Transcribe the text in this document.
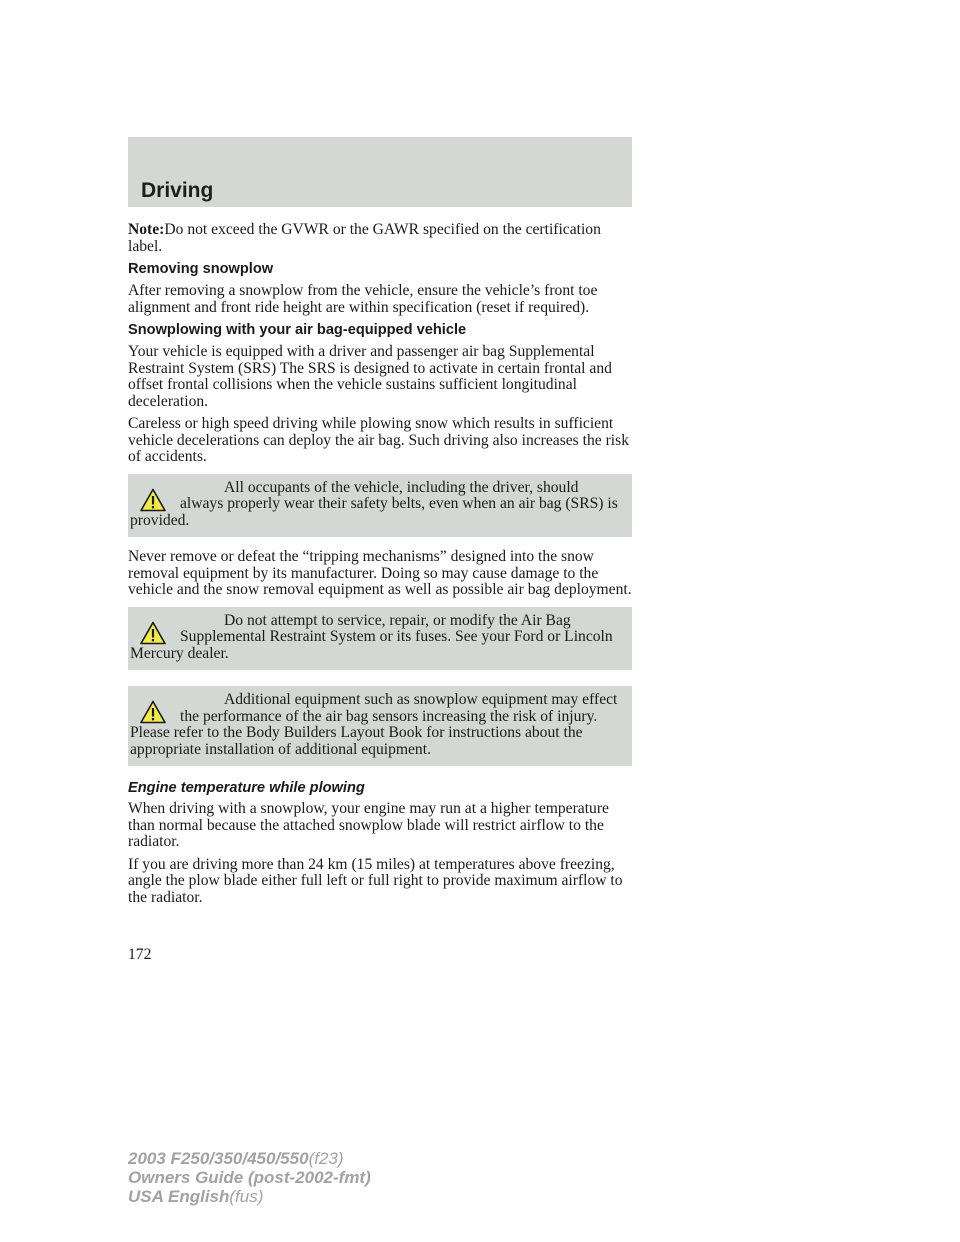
Driving

Note:Do not exceed the GVWR or the GAWR specified on the certification label.

Removing snowplow

After removing a snowplow from the vehicle, ensure the vehicle’s front toe alignment and front ride height are within specification (reset if required).

Snowplowing with your air bag-equipped vehicle

Your vehicle is equipped with a driver and passenger air bag Supplemental Restraint System (SRS) The SRS is designed to activate in certain frontal and offset frontal collisions when the vehicle sustains sufficient longitudinal deceleration.

Careless or high speed driving while plowing snow which results in sufficient vehicle decelerations can deploy the air bag. Such driving also increases the risk of accidents.

All occupants of the vehicle, including the driver, should always properly wear their safety belts, even when an air bag (SRS) is provided.

Never remove or defeat the “tripping mechanisms” designed into the snow removal equipment by its manufacturer. Doing so may cause damage to the vehicle and the snow removal equipment as well as possible air bag deployment.

Do not attempt to service, repair, or modify the Air Bag Supplemental Restraint System or its fuses. See your Ford or Lincoln Mercury dealer.

Additional equipment such as snowplow equipment may effect the performance of the air bag sensors increasing the risk of injury. Please refer to the Body Builders Layout Book for instructions about the appropriate installation of additional equipment.

Engine temperature while plowing

When driving with a snowplow, your engine may run at a higher temperature than normal because the attached snowplow blade will restrict airflow to the radiator.

If you are driving more than 24 km (15 miles) at temperatures above freezing, angle the plow blade either full left or full right to provide maximum airflow to the radiator.

172
2003 F250/350/450/550(f23)
Owners Guide (post-2002-fmt)
USA English(fus)
